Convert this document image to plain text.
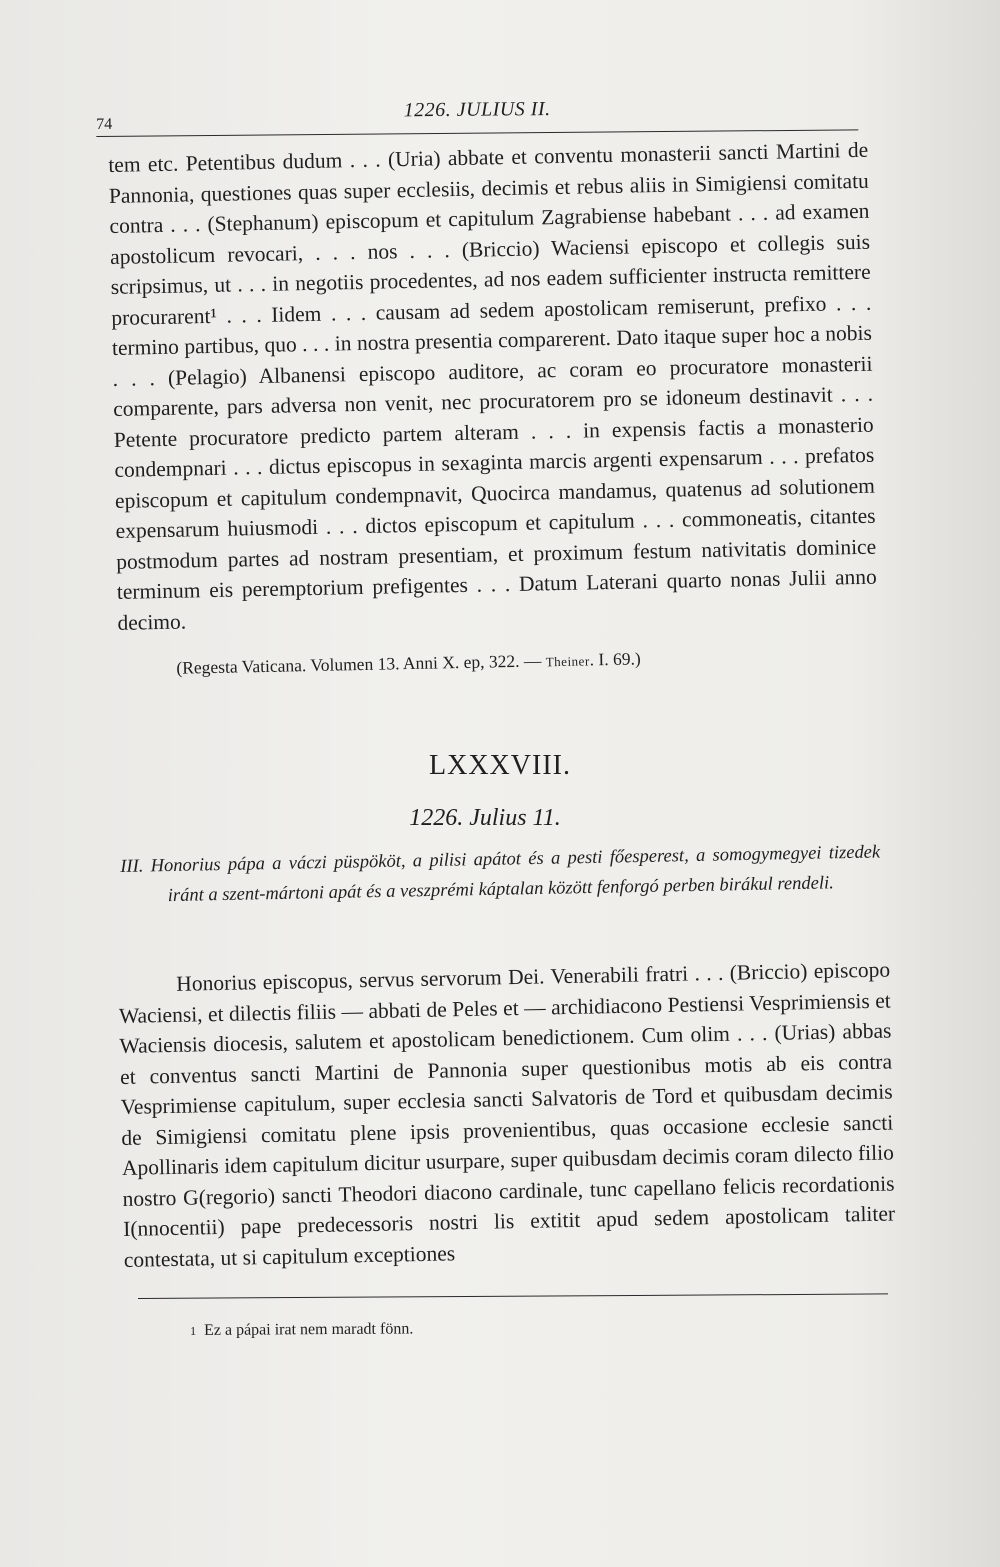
74
1226. JULIUS II.
tem etc. Petentibus dudum . . . (Uria) abbate et conventu monasterii sancti Martini de Pannonia, questiones quas super ecclesiis, decimis et rebus aliis in Simigiensi comitatu contra . . . (Stephanum) episcopum et capitulum Zagrabiense habebant . . . ad examen apostolicum revocari, . . . nos . . . (Briccio) Waciensi episcopo et collegis suis scripsimus, ut . . . in negotiis procedentes, ad nos eadem sufficienter instructa remittere procurarent¹ . . . Iidem . . . causam ad sedem apostolicam remiserunt, prefixo . . . termino partibus, quo . . . in nostra presentia comparerent. Dato itaque super hoc a nobis . . . (Pelagio) Albanensi episcopo auditore, ac coram eo procuratore monasterii comparente, pars adversa non venit, nec procuratorem pro se idoneum destinavit . . . Petente procuratore predicto partem alteram . . . in expensis factis a monasterio condempnari . . . dictus episcopus in sexaginta marcis argenti expensarum . . . prefatos episcopum et capitulum condempnavit, Quocirca mandamus, quatenus ad solutionem expensarum huiusmodi . . . dictos episcopum et capitulum . . . commoneatis, citantes postmodum partes ad nostram presentiam, et proximum festum nativitatis dominice terminum eis peremptorium prefigentes . . . Datum Laterani quarto nonas Julii anno decimo.
(Regesta Vaticana. Volumen 13. Anni X. ep, 322. — Theiner. I. 69.)
LXXXVIII.
1226. Julius 11.
III. Honorius pápa a váczi püspököt, a pilisi apátot és a pesti főesperest, a somogymegyei tizedek iránt a szent-mártoni apát és a veszprémi káptalan között fenforgó perben birákul rendeli.

Honorius episcopus, servus servorum Dei. Venerabili fratri . . . (Briccio) episcopo Waciensi, et dilectis filiis — abbati de Peles et — archidiacono Pestiensi Vesprimiensis et Waciensis diocesis, salutem et apostolicam benedictionem. Cum olim . . . (Urias) abbas et conventus sancti Martini de Pannonia super questionibus motis ab eis contra Vesprimiense capitulum, super ecclesia sancti Salvatoris de Tord et quibusdam decimis de Simigiensi comitatu plene ipsis provenientibus, quas occasione ecclesie sancti Apollinaris idem capitulum dicitur usurpare, super quibusdam decimis coram dilecto filio nostro G(regorio) sancti Theodori diacono cardinale, tunc capellano felicis recordationis I(nnocentii) pape predecessoris nostri lis extitit apud sedem apostolicam taliter contestata, ut si capitulum exceptiones

1 Ez a pápai irat nem maradt fönn.
